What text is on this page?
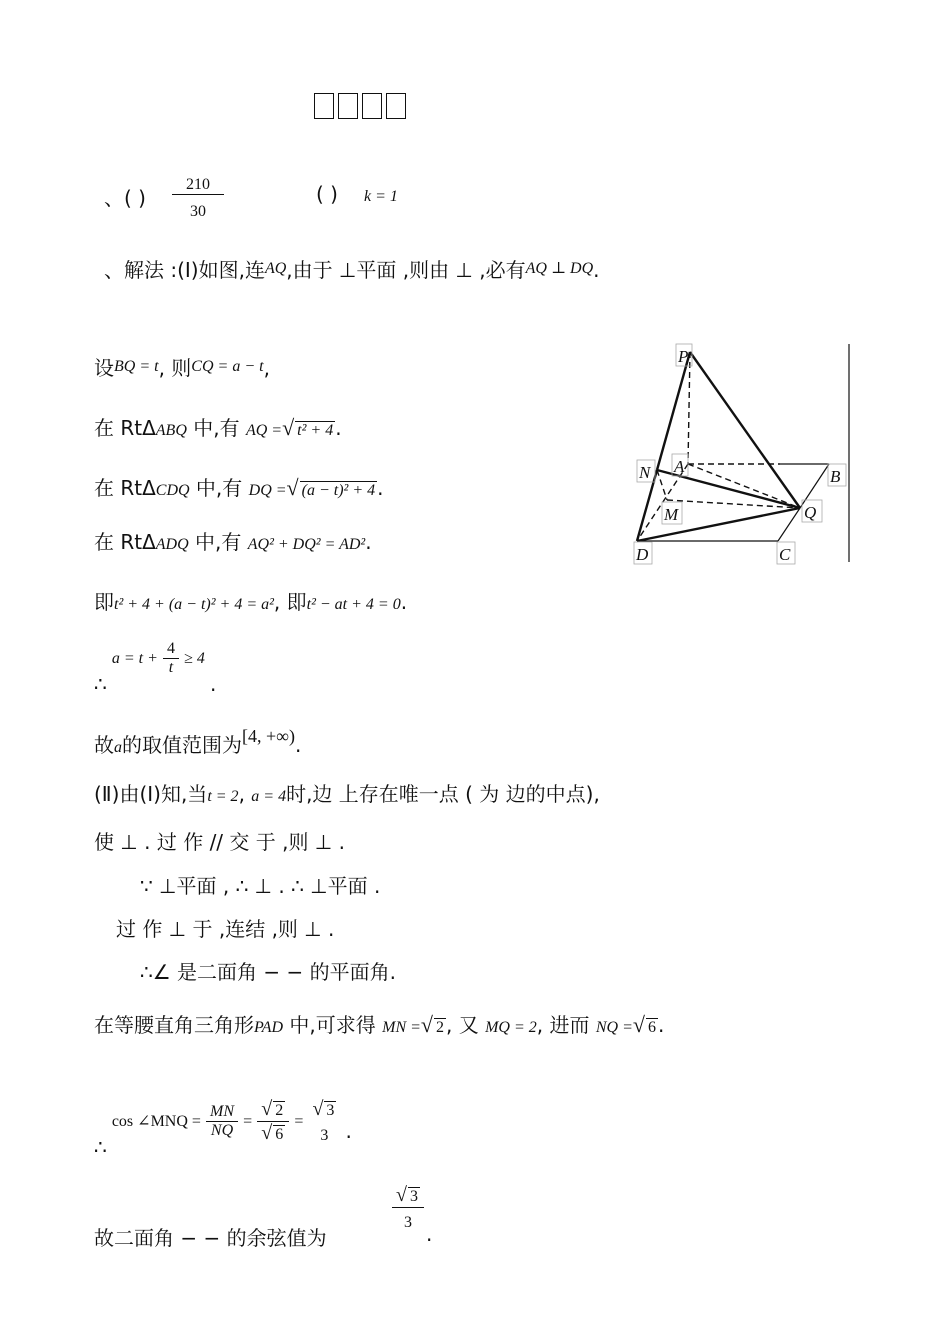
、( ) $\frac{210}{30}$	( ) k = 1
、解法 :(Ⅰ)如图,连$^{AQ}$,由于 ⊥平面 ,则由 ⊥ ,必有$^{AQ \perp DQ}$.
设$^{BQ = t}$, 则$^{CQ = a - t}$,
在 RtΔABQ 中,有 AQ =√ t² + 4 .
在 RtΔCDQ 中,有 DQ =√ (a − t)² + 4 .
在 RtΔADQ 中,有 AQ² + DQ² = AD².
即t² + 4 + (a − t)² + 4 = a², 即t² − at + 4 = 0.
∴ $a = t + \frac{4}{t} \ge 4$ .
故a的取值范围为[4, +∞).
(Ⅱ)由(Ⅰ)知,当t = 2, a = 4时,边 上存在唯一点 ( 为 边的中点),
使 ⊥ . 过 作 // 交 于 ,则 ⊥ .
∵ ⊥平面 , ∴ ⊥ . ∴ ⊥平面 .
过 作 ⊥ 于 ,连结 ,则 ⊥ .
∴∠ 是二面角 − − 的平面角.
在等腰直角三角形PAD 中,可求得 MN =√ 2 , 又 MQ = 2, 进而 NQ =√ 6 .
∴ cos ∠MNQ = $\frac{MN}{NQ} = \frac{√ 2}{√ 6}$ =
√ 3
3 .
故二面角 − − 的余弦值为
$\frac{√ 3}{3}$
.
P
A
B
N
M	Q
D	C
